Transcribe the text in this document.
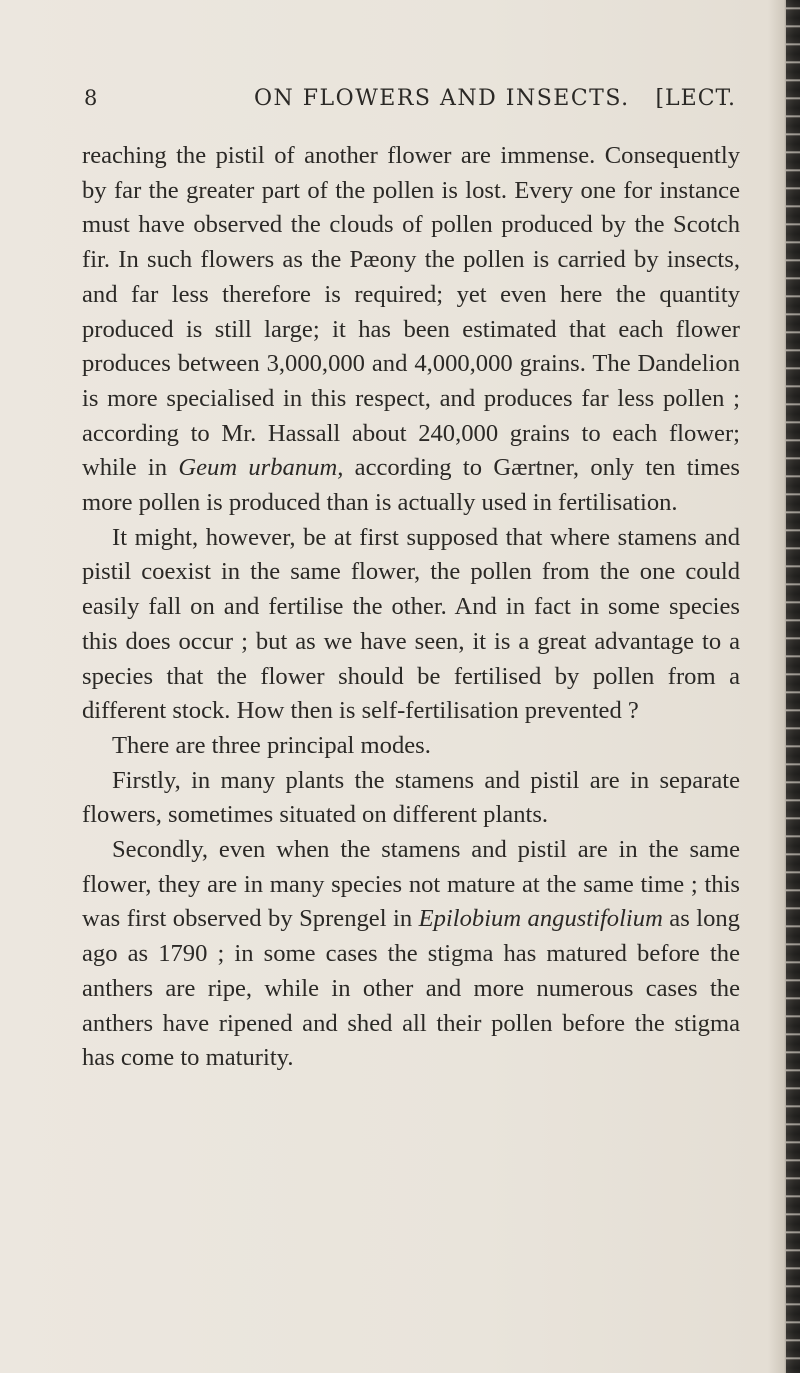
8	ON FLOWERS AND INSECTS. [LECT.

reaching the pistil of another flower are immense. Consequently by far the greater part of the pollen is lost. Every one for instance must have observed the clouds of pollen produced by the Scotch fir. In such flowers as the Pæony the pollen is carried by insects, and far less therefore is required; yet even here the quantity produced is still large; it has been estimated that each flower produces between 3,000,000 and 4,000,000 grains. The Dandelion is more specialised in this respect, and produces far less pollen ; according to Mr. Hassall about 240,000 grains to each flower; while in Geum urbanum, according to Gærtner, only ten times more pollen is produced than is actually used in fertilisation.

It might, however, be at first supposed that where stamens and pistil coexist in the same flower, the pollen from the one could easily fall on and fertilise the other. And in fact in some species this does occur ; but as we have seen, it is a great advantage to a species that the flower should be fertilised by pollen from a different stock. How then is self-fertilisation prevented ?

There are three principal modes.

Firstly, in many plants the stamens and pistil are in separate flowers, sometimes situated on different plants.

Secondly, even when the stamens and pistil are in the same flower, they are in many species not mature at the same time ; this was first observed by Sprengel in Epilobium angustifolium as long ago as 1790 ; in some cases the stigma has matured before the anthers are ripe, while in other and more numerous cases the anthers have ripened and shed all their pollen before the stigma has come to maturity.
